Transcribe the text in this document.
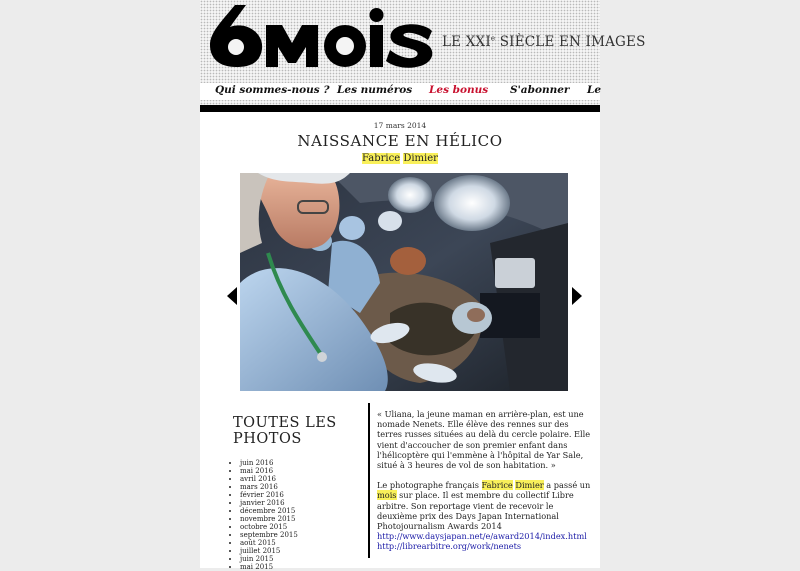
LE XXIe SIÈCLE EN IMAGES
Qui sommes-nous ? Les numéros Les bonus S'abonner Le
17 mars 2014
NAISSANCE EN HÉLICO
Fabrice Dimier
TOUTES LES PHOTOS
• juin 2016
• mai 2016
• avril 2016
• mars 2016
• février 2016
• janvier 2016
• décembre 2015
• novembre 2015
• octobre 2015
• septembre 2015
• août 2015
• juillet 2015
• juin 2015
• mai 2015

« Uliana, la jeune maman en arrière-plan, est une nomade Nenets. Elle élève des rennes sur des terres russes situées au delà du cercle polaire. Elle vient d'accoucher de son premier enfant dans l'hélicoptère qui l'emmène à l'hôpital de Yar Sale, situé à 3 heures de vol de son habitation. »

Le photographe français Fabrice Dimier a passé un mois sur place. Il est membre du collectif Libre arbitre. Son reportage vient de recevoir le deuxième prix des Days Japan International Photojournalism Awards 2014
http://www.daysjapan.net/e/award2014/index.html
http://librearbitre.org/work/nenets
